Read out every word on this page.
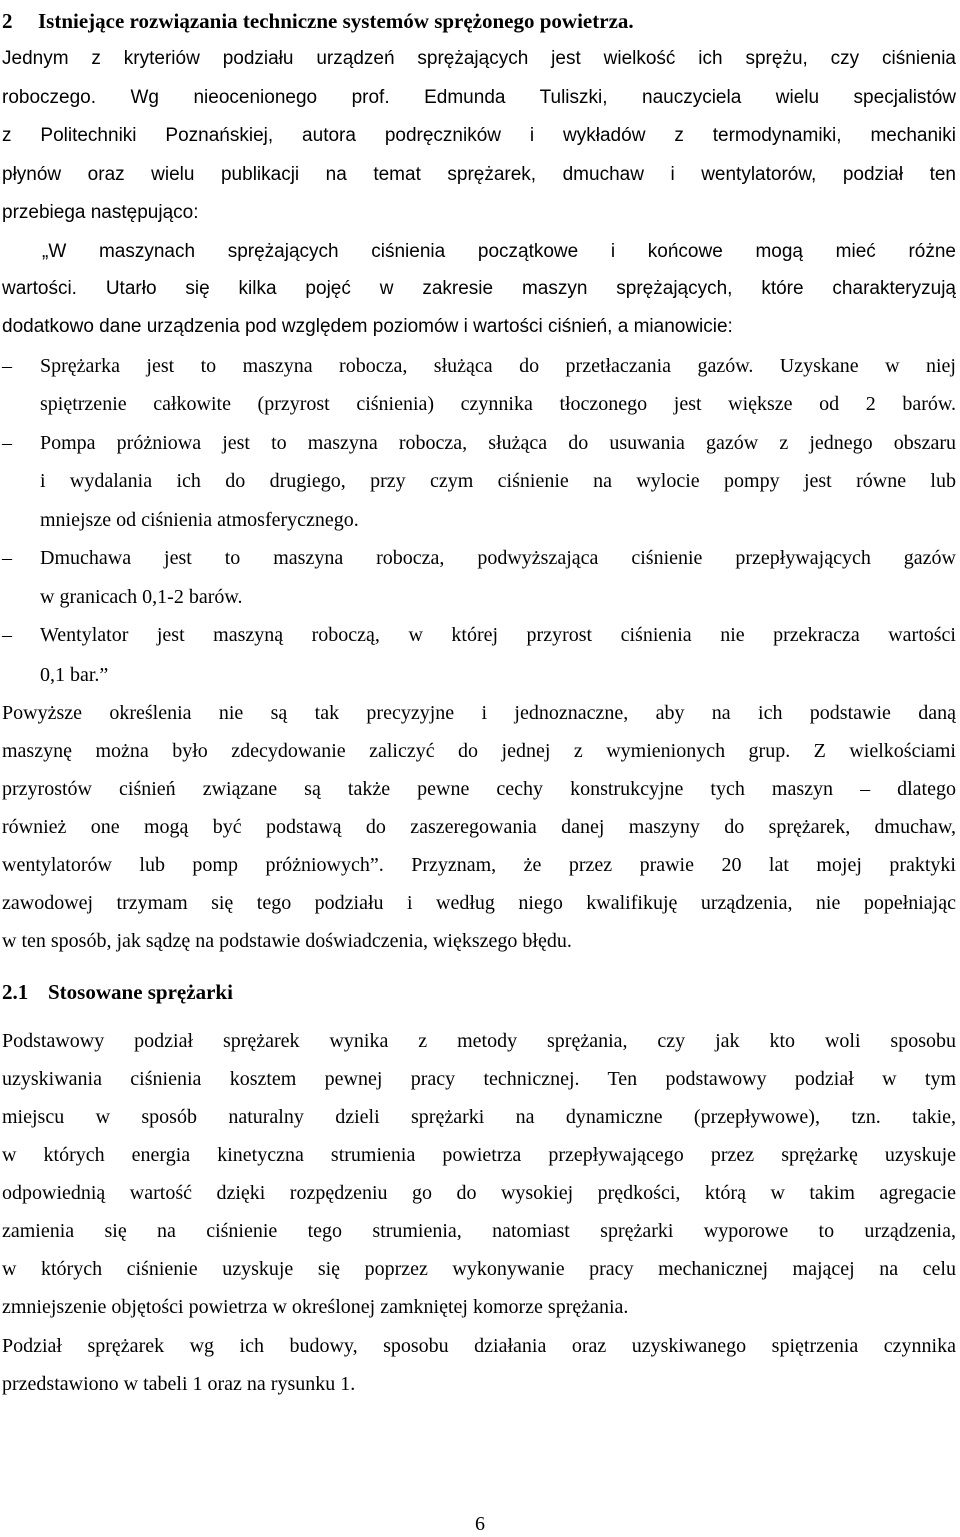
2 Istniejące rozwiązania techniczne systemów sprężonego powietrza.
Jednym z kryteriów podziału urządzeń sprężających jest wielkość ich sprężu, czy ciśnienia
roboczego. Wg nieocenionego prof. Edmunda Tuliszki, nauczyciela wielu specjalistów
z Politechniki Poznańskiej, autora podręczników i wykładów z termodynamiki, mechaniki
płynów oraz wielu publikacji na temat sprężarek, dmuchaw i wentylatorów, podział ten
przebiega następująco:
„W maszynach sprężających ciśnienia początkowe i końcowe mogą mieć różne
wartości. Utarło się kilka pojęć w zakresie maszyn sprężających, które charakteryzują
dodatkowo dane urządzenia pod względem poziomów i wartości ciśnień, a mianowicie:
–	Sprężarka jest to maszyna robocza, służąca do przetłaczania gazów. Uzyskane w niej
spiętrzenie całkowite (przyrost ciśnienia) czynnika tłoczonego jest większe od 2 barów.
–	Pompa próżniowa jest to maszyna robocza, służąca do usuwania gazów z jednego obszaru
i wydalania ich do drugiego, przy czym ciśnienie na wylocie pompy jest równe lub
mniejsze od ciśnienia atmosferycznego.
–	Dmuchawa jest to maszyna robocza, podwyższająca ciśnienie przepływających gazów
w granicach 0,1-2 barów.
–	Wentylator jest maszyną roboczą, w której przyrost ciśnienia nie przekracza wartości
0,1 bar.”
Powyższe określenia nie są tak precyzyjne i jednoznaczne, aby na ich podstawie daną
maszynę można było zdecydowanie zaliczyć do jednej z wymienionych grup. Z wielkościami
przyrostów ciśnień związane są także pewne cechy konstrukcyjne tych maszyn – dlatego
również one mogą być podstawą do zaszeregowania danej maszyny do sprężarek, dmuchaw,
wentylatorów lub pomp próżniowych”. Przyznam, że przez prawie 20 lat mojej praktyki
zawodowej trzymam się tego podziału i według niego kwalifikuję urządzenia, nie popełniając
w ten sposób, jak sądzę na podstawie doświadczenia, większego błędu.
2.1 Stosowane sprężarki
Podstawowy podział sprężarek wynika z metody sprężania, czy jak kto woli sposobu
uzyskiwania ciśnienia kosztem pewnej pracy technicznej. Ten podstawowy podział w tym
miejscu w sposób naturalny dzieli sprężarki na dynamiczne (przepływowe), tzn. takie,
w których energia kinetyczna strumienia powietrza przepływającego przez sprężarkę uzyskuje
odpowiednią wartość dzięki rozpędzeniu go do wysokiej prędkości, którą w takim agregacie
zamienia się na ciśnienie tego strumienia, natomiast sprężarki wyporowe to urządzenia,
w których ciśnienie uzyskuje się poprzez wykonywanie pracy mechanicznej mającej na celu
zmniejszenie objętości powietrza w określonej zamkniętej komorze sprężania.
Podział sprężarek wg ich budowy, sposobu działania oraz uzyskiwanego spiętrzenia czynnika
przedstawiono w tabeli 1 oraz na rysunku 1.
6
